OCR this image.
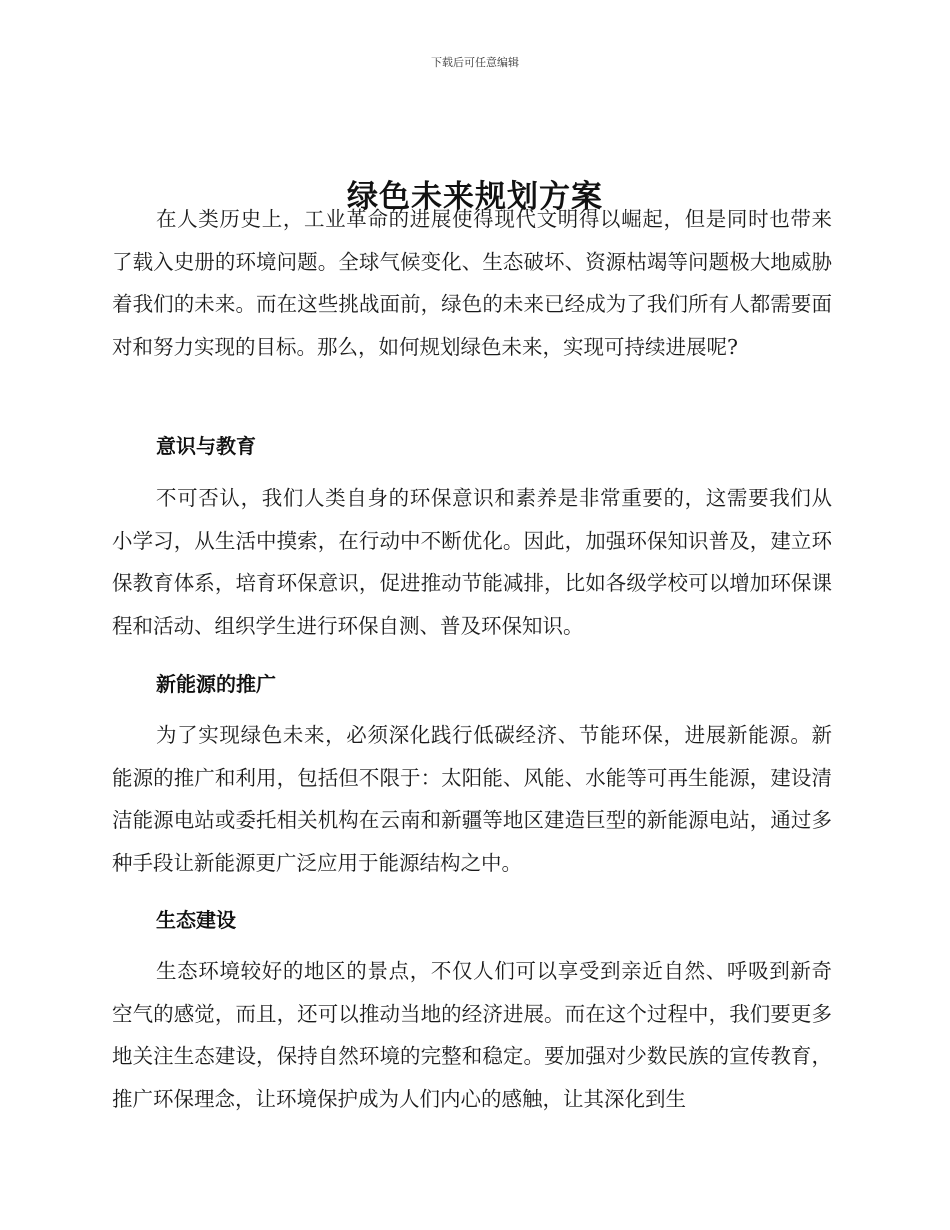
下载后可任意编辑
绿色未来规划方案

在人类历史上，工业革命的进展使得现代文明得以崛起，但是同时也带来了载入史册的环境问题。全球气候变化、生态破坏、资源枯竭等问题极大地威胁着我们的未来。而在这些挑战面前，绿色的未来已经成为了我们所有人都需要面对和努力实现的目标。那么，如何规划绿色未来，实现可持续进展呢?

意识与教育

不可否认，我们人类自身的环保意识和素养是非常重要的，这需要我们从小学习，从生活中摸索，在行动中不断优化。因此，加强环保知识普及，建立环保教育体系，培育环保意识，促进推动节能减排，比如各级学校可以增加环保课程和活动、组织学生进行环保自测、普及环保知识。

新能源的推广

为了实现绿色未来，必须深化践行低碳经济、节能环保，进展新能源。新能源的推广和利用，包括但不限于：太阳能、风能、水能等可再生能源，建设清洁能源电站或委托相关机构在云南和新疆等地区建造巨型的新能源电站，通过多种手段让新能源更广泛应用于能源结构之中。

生态建设

生态环境较好的地区的景点，不仅人们可以享受到亲近自然、呼吸到新奇空气的感觉，而且，还可以推动当地的经济进展。而在这个过程中，我们要更多地关注生态建设，保持自然环境的完整和稳定。要加强对少数民族的宣传教育，推广环保理念，让环境保护成为人们内心的感触，让其深化到生
